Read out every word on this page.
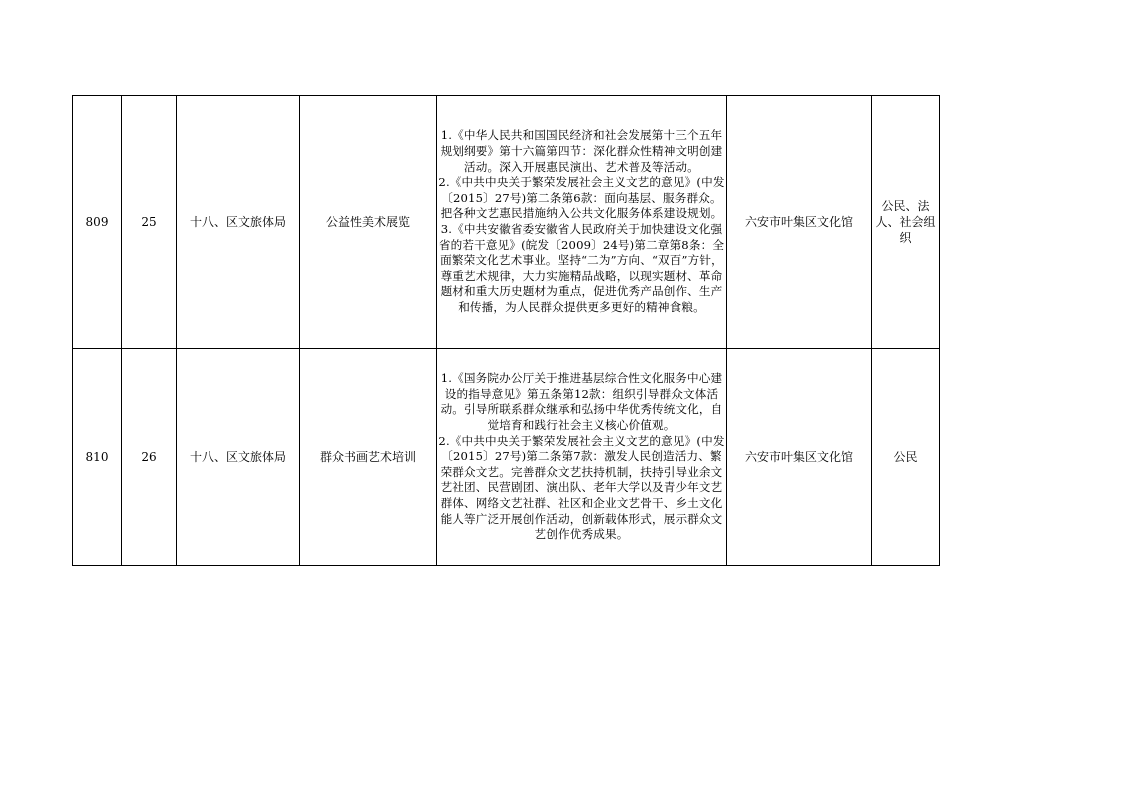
809	25	十八、区文旅体局	公益性美术展览	1.《中华人民共和国国民经济和社会发展第十三个五年规划纲要》第十六篇第四节：深化群众性精神文明创建活动。深入开展惠民演出、艺术普及等活动。
2.《中共中央关于繁荣发展社会主义文艺的意见》(中发〔2015〕27号)第二条第6款：面向基层、服务群众。把各种文艺惠民措施纳入公共文化服务体系建设规划。
3.《中共安徽省委安徽省人民政府关于加快建设文化强省的若干意见》(皖发〔2009〕24号)第二章第8条：全面繁荣文化艺术事业。坚持“二为”方向、“双百”方针，尊重艺术规律，大力实施精品战略，以现实题材、革命题材和重大历史题材为重点，促进优秀产品创作、生产和传播，为人民群众提供更多更好的精神食粮。	六安市叶集区文化馆	公民、法人、社会组织
810	26	十八、区文旅体局	群众书画艺术培训	1.《国务院办公厅关于推进基层综合性文化服务中心建设的指导意见》第五条第12款：组织引导群众文体活动。引导所联系群众继承和弘扬中华优秀传统文化，自觉培育和践行社会主义核心价值观。
2.《中共中央关于繁荣发展社会主义文艺的意见》(中发〔2015〕27号)第二条第7款：激发人民创造活力、繁荣群众文艺。完善群众文艺扶持机制，扶持引导业余文艺社团、民营剧团、演出队、老年大学以及青少年文艺群体、网络文艺社群、社区和企业文艺骨干、乡土文化能人等广泛开展创作活动，创新载体形式，展示群众文艺创作优秀成果。	六安市叶集区文化馆	公民
